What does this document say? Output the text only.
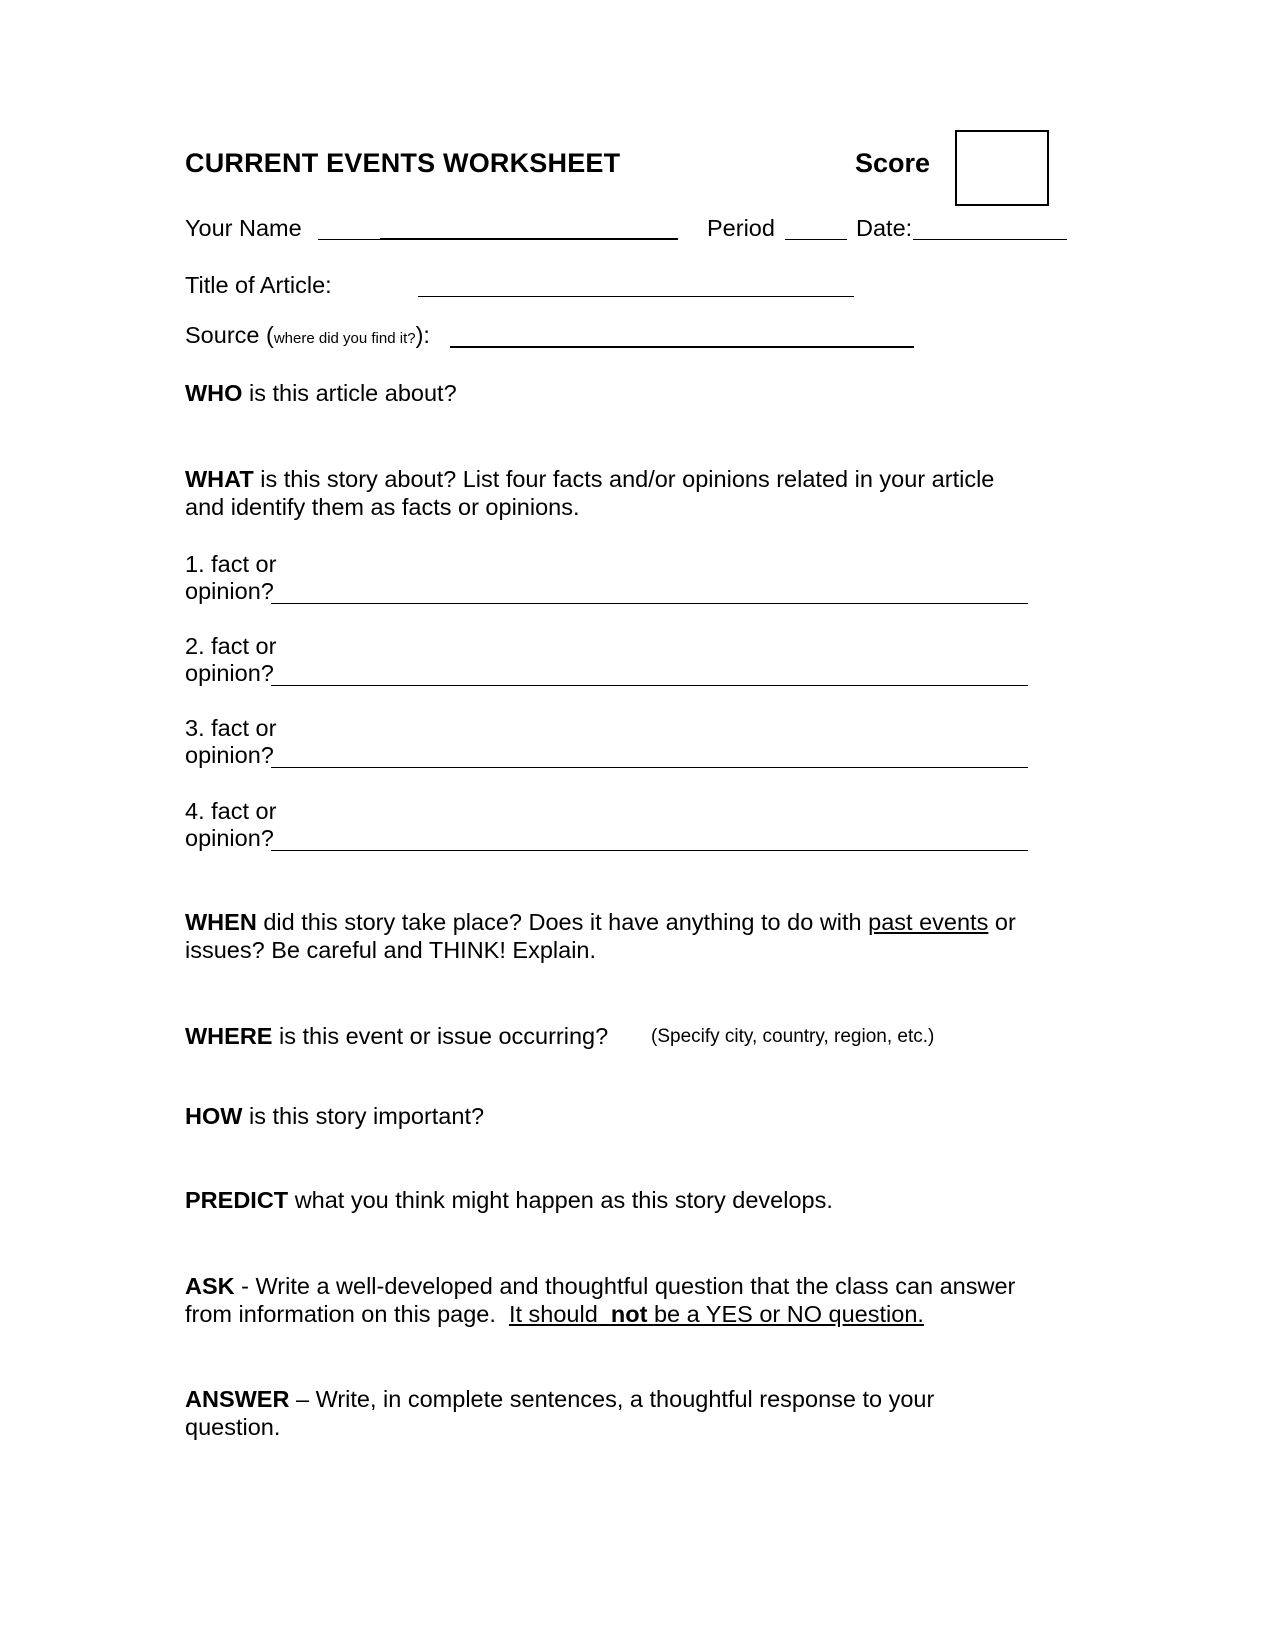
CURRENT EVENTS WORKSHEET	Score
Your Name	Period	Date:
Title of Article:
Source (where did you find it?):
WHO is this article about?
WHAT is this story about? List four facts and/or opinions related in your article
and identify them as facts or opinions.
1. fact or
opinion?
2. fact or
opinion?
3. fact or
opinion?
4. fact or
opinion?
WHEN did this story take place? Does it have anything to do with past events or
issues? Be careful and THINK! Explain.
WHERE is this event or issue occurring? (Specify city, country, region, etc.)
HOW is this story important?
PREDICT what you think might happen as this story develops.
ASK - Write a well-developed and thoughtful question that the class can answer
from information on this page. It should not be a YES or NO question.
ANSWER – Write, in complete sentences, a thoughtful response to your
question.
